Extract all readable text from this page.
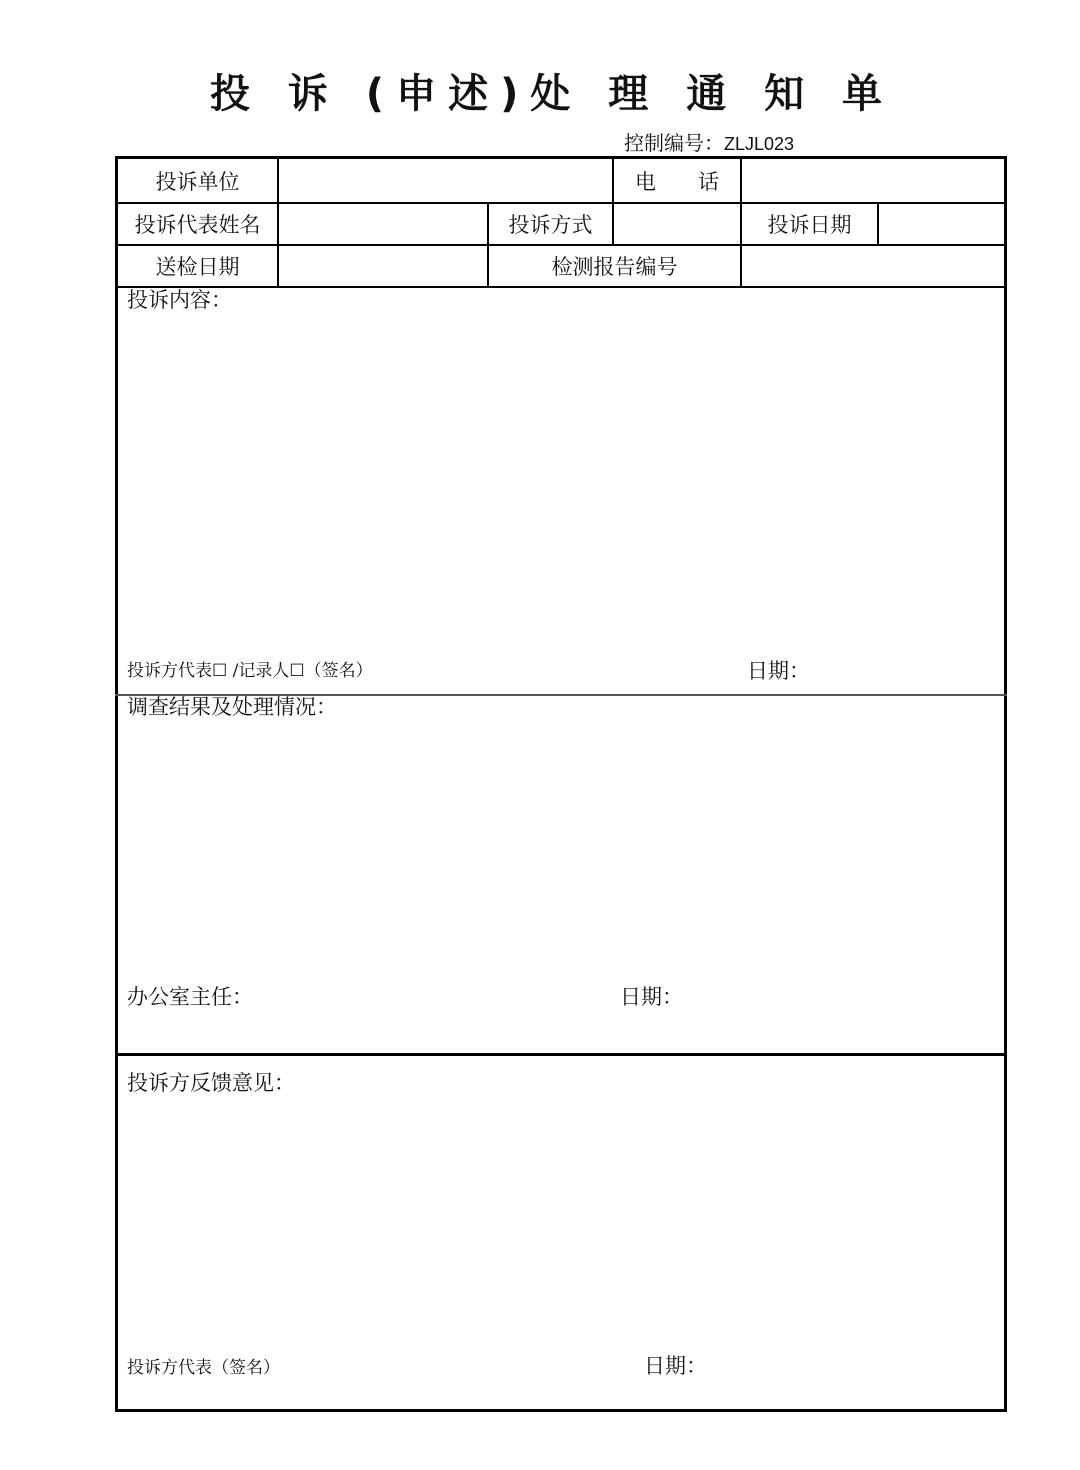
投 诉 (申述)处 理 通 知 单
控制编号：ZLJL023
投诉单位	电　　话
投诉代表姓名	投诉方式	投诉日期
送检日期	检测报告编号
投诉内容：
投诉方代表☐ /记录人☐（签名）	日期：
调查结果及处理情况：
办公室主任：	日期：
投诉方反馈意见：
投诉方代表（签名）	日期：
